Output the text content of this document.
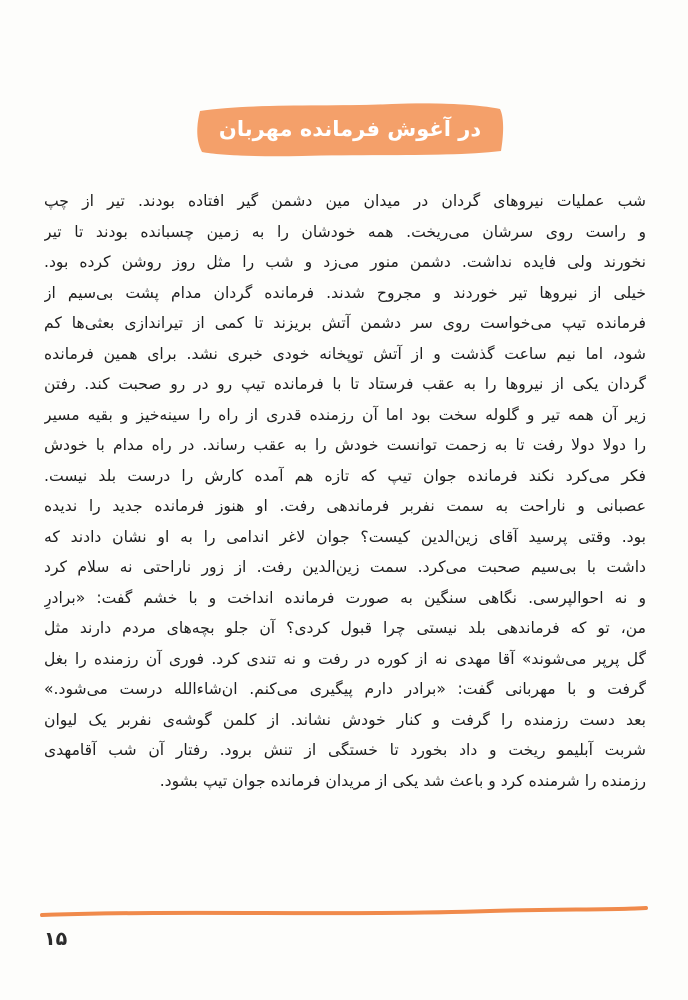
در آغوش فرمانده مهربان
شب عملیات نیروهای گردان در میدان مین دشمن گیر افتاده بودند. تیر از چپ
و راست روی سرشان می‌ریخت. همه خودشان را به زمین چسبانده بودند تا تیر
نخورند ولی فایده نداشت. دشمن منور می‌زد و شب را مثل روز روشن کرده بود.
خیلی از نیروها تیر خوردند و مجروح شدند. فرمانده گردان مدام پشت بی‌سیم از
فرمانده تیپ می‌خواست روی سر دشمن آتش بریزند تا کمی از تیراندازی بعثی‌ها کم
شود، اما نیم ساعت گذشت و از آتش توپخانه خودی خبری نشد. برای همین فرمانده
گردان یکی از نیروها را به عقب فرستاد تا با فرمانده تیپ رو در رو صحبت کند. رفتن
زیر آن همه تیر و گلوله سخت بود اما آن رزمنده قدری از راه را سینه‌خیز و بقیه مسیر
را دولا دولا رفت تا به زحمت توانست خودش را به عقب رساند. در راه مدام با خودش
فکر می‌کرد نکند فرمانده جوان تیپ که تازه هم آمده کارش را درست بلد نیست.
عصبانی و ناراحت به سمت نفربر فرماندهی رفت. او هنوز فرمانده جدید را ندیده
بود. وقتی پرسید آقای زین‌الدین کیست؟ جوان لاغر اندامی را به او نشان دادند که
داشت با بی‌سیم صحبت می‌کرد. سمت زین‌الدین رفت. از زور ناراحتی نه سلام کرد
و نه احوالپرسی. نگاهی سنگین به صورت فرمانده انداخت و با خشم گفت: «برادرِ
من، تو که فرماندهی بلد نیستی چرا قبول کردی؟ آن جلو بچه‌های مردم دارند مثل
گل پرپر می‌شوند» آقا مهدی نه از کوره در رفت و نه تندی کرد. فوری آن رزمنده را بغل
گرفت و با مهربانی گفت: «برادر دارم پیگیری می‌کنم. ان‌شاءالله درست می‌شود.»
بعد دست رزمنده را گرفت و کنار خودش نشاند. از کلمن گوشه‌ی نفربر یک لیوان
شربت آبلیمو ریخت و داد بخورد تا خستگی از تنش برود. رفتار آن شب آقامهدی
رزمنده را شرمنده کرد و باعث شد یکی از مریدان فرمانده جوان تیپ بشود.
۱۵
